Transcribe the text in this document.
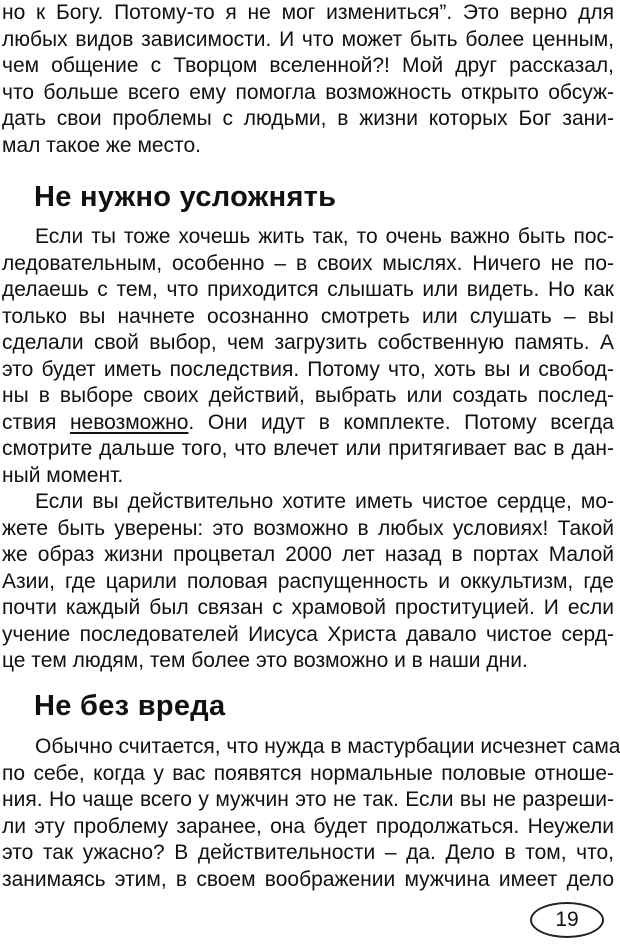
но к Богу. Потому-то я не мог измениться”. Это верно для
любых видов зависимости. И что может быть более ценным,
чем общение с Творцом вселенной?! Мой друг рассказал,
что больше всего ему помогла возможность открыто обсуж-
дать свои проблемы с людьми, в жизни которых Бог зани-
мал такое же место.
Не нужно усложнять
Если ты тоже хочешь жить так, то очень важно быть пос-
ледовательным, особенно – в своих мыслях. Ничего не по-
делаешь с тем, что приходится слышать или видеть. Но как
только вы начнете осознанно смотреть или слушать – вы
сделали свой выбор, чем загрузить собственную память. А
это будет иметь последствия. Потому что, хоть вы и свобод-
ны в выборе своих действий, выбрать или создать послед-
ствия невозможно. Они идут в комплекте. Потому всегда
смотрите дальше того, что влечет или притягивает вас в дан-
ный момент.
Если вы действительно хотите иметь чистое сердце, мо-
жете быть уверены: это возможно в любых условиях! Такой
же образ жизни процветал 2000 лет назад в портах Малой
Азии, где царили половая распущенность и оккультизм, где
почти каждый был связан с храмовой проституцией. И если
учение последователей Иисуса Христа давало чистое серд-
це тем людям, тем более это возможно и в наши дни.
Не без вреда
Обычно считается, что нужда в мастурбации исчезнет сама
по себе, когда у вас появятся нормальные половые отноше-
ния. Но чаще всего у мужчин это не так. Если вы не разреши-
ли эту проблему заранее, она будет продолжаться. Неужели
это так ужасно? В действительности – да. Дело в том, что,
занимаясь этим, в своем воображении мужчина имеет дело
19
